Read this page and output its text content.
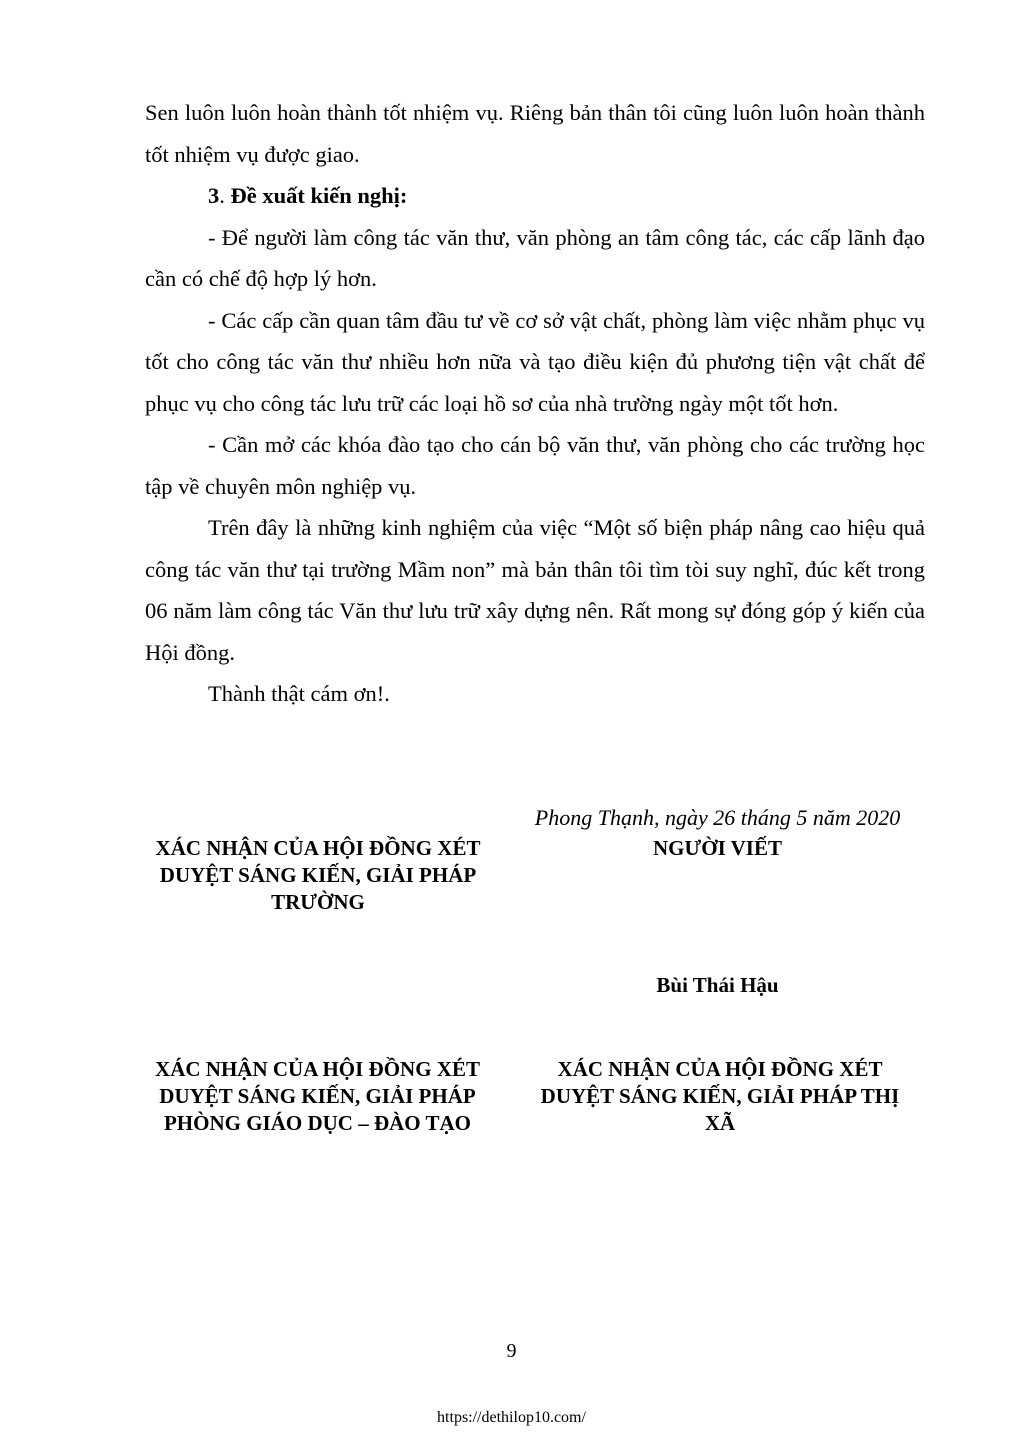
Sen luôn luôn hoàn thành tốt nhiệm vụ. Riêng bản thân tôi cũng luôn luôn hoàn thành tốt nhiệm vụ được giao.

3. Đề xuất kiến nghị:

- Để người làm công tác văn thư, văn phòng an tâm công tác, các cấp lãnh đạo cần có chế độ hợp lý hơn.

- Các cấp cần quan tâm đầu tư về cơ sở vật chất, phòng làm việc nhằm phục vụ tốt cho công tác văn thư nhiều hơn nữa và tạo điều kiện đủ phương tiện vật chất để phục vụ cho công tác lưu trữ các loại hồ sơ của nhà trường ngày một tốt hơn.

- Cần mở các khóa đào tạo cho cán bộ văn thư, văn phòng cho các trường học tập về chuyên môn nghiệp vụ.

Trên đây là những kinh nghiệm của việc “Một số biện pháp nâng cao hiệu quả công tác văn thư tại trường Mầm non” mà bản thân tôi tìm tòi suy nghĩ, đúc kết trong 06 năm làm công tác Văn thư lưu trữ xây dựng nên. Rất mong sự đóng góp ý kiến của Hội đồng.

Thành thật cám ơn!.

Phong Thạnh, ngày 26 tháng 5 năm 2020
XÁC NHẬN CỦA HỘI ĐỒNG XÉT DUYỆT SÁNG KIẾN, GIẢI PHÁP TRƯỜNG
NGƯỜI VIẾT
Bùi Thái Hậu
XÁC NHẬN CỦA HỘI ĐỒNG XÉT DUYỆT SÁNG KIẾN, GIẢI PHÁP PHÒNG GIÁO DỤC – ĐÀO TẠO
XÁC NHẬN CỦA HỘI ĐỒNG XÉT DUYỆT SÁNG KIẾN, GIẢI PHÁP THỊ XÃ
9
https://dethilop10.com/
